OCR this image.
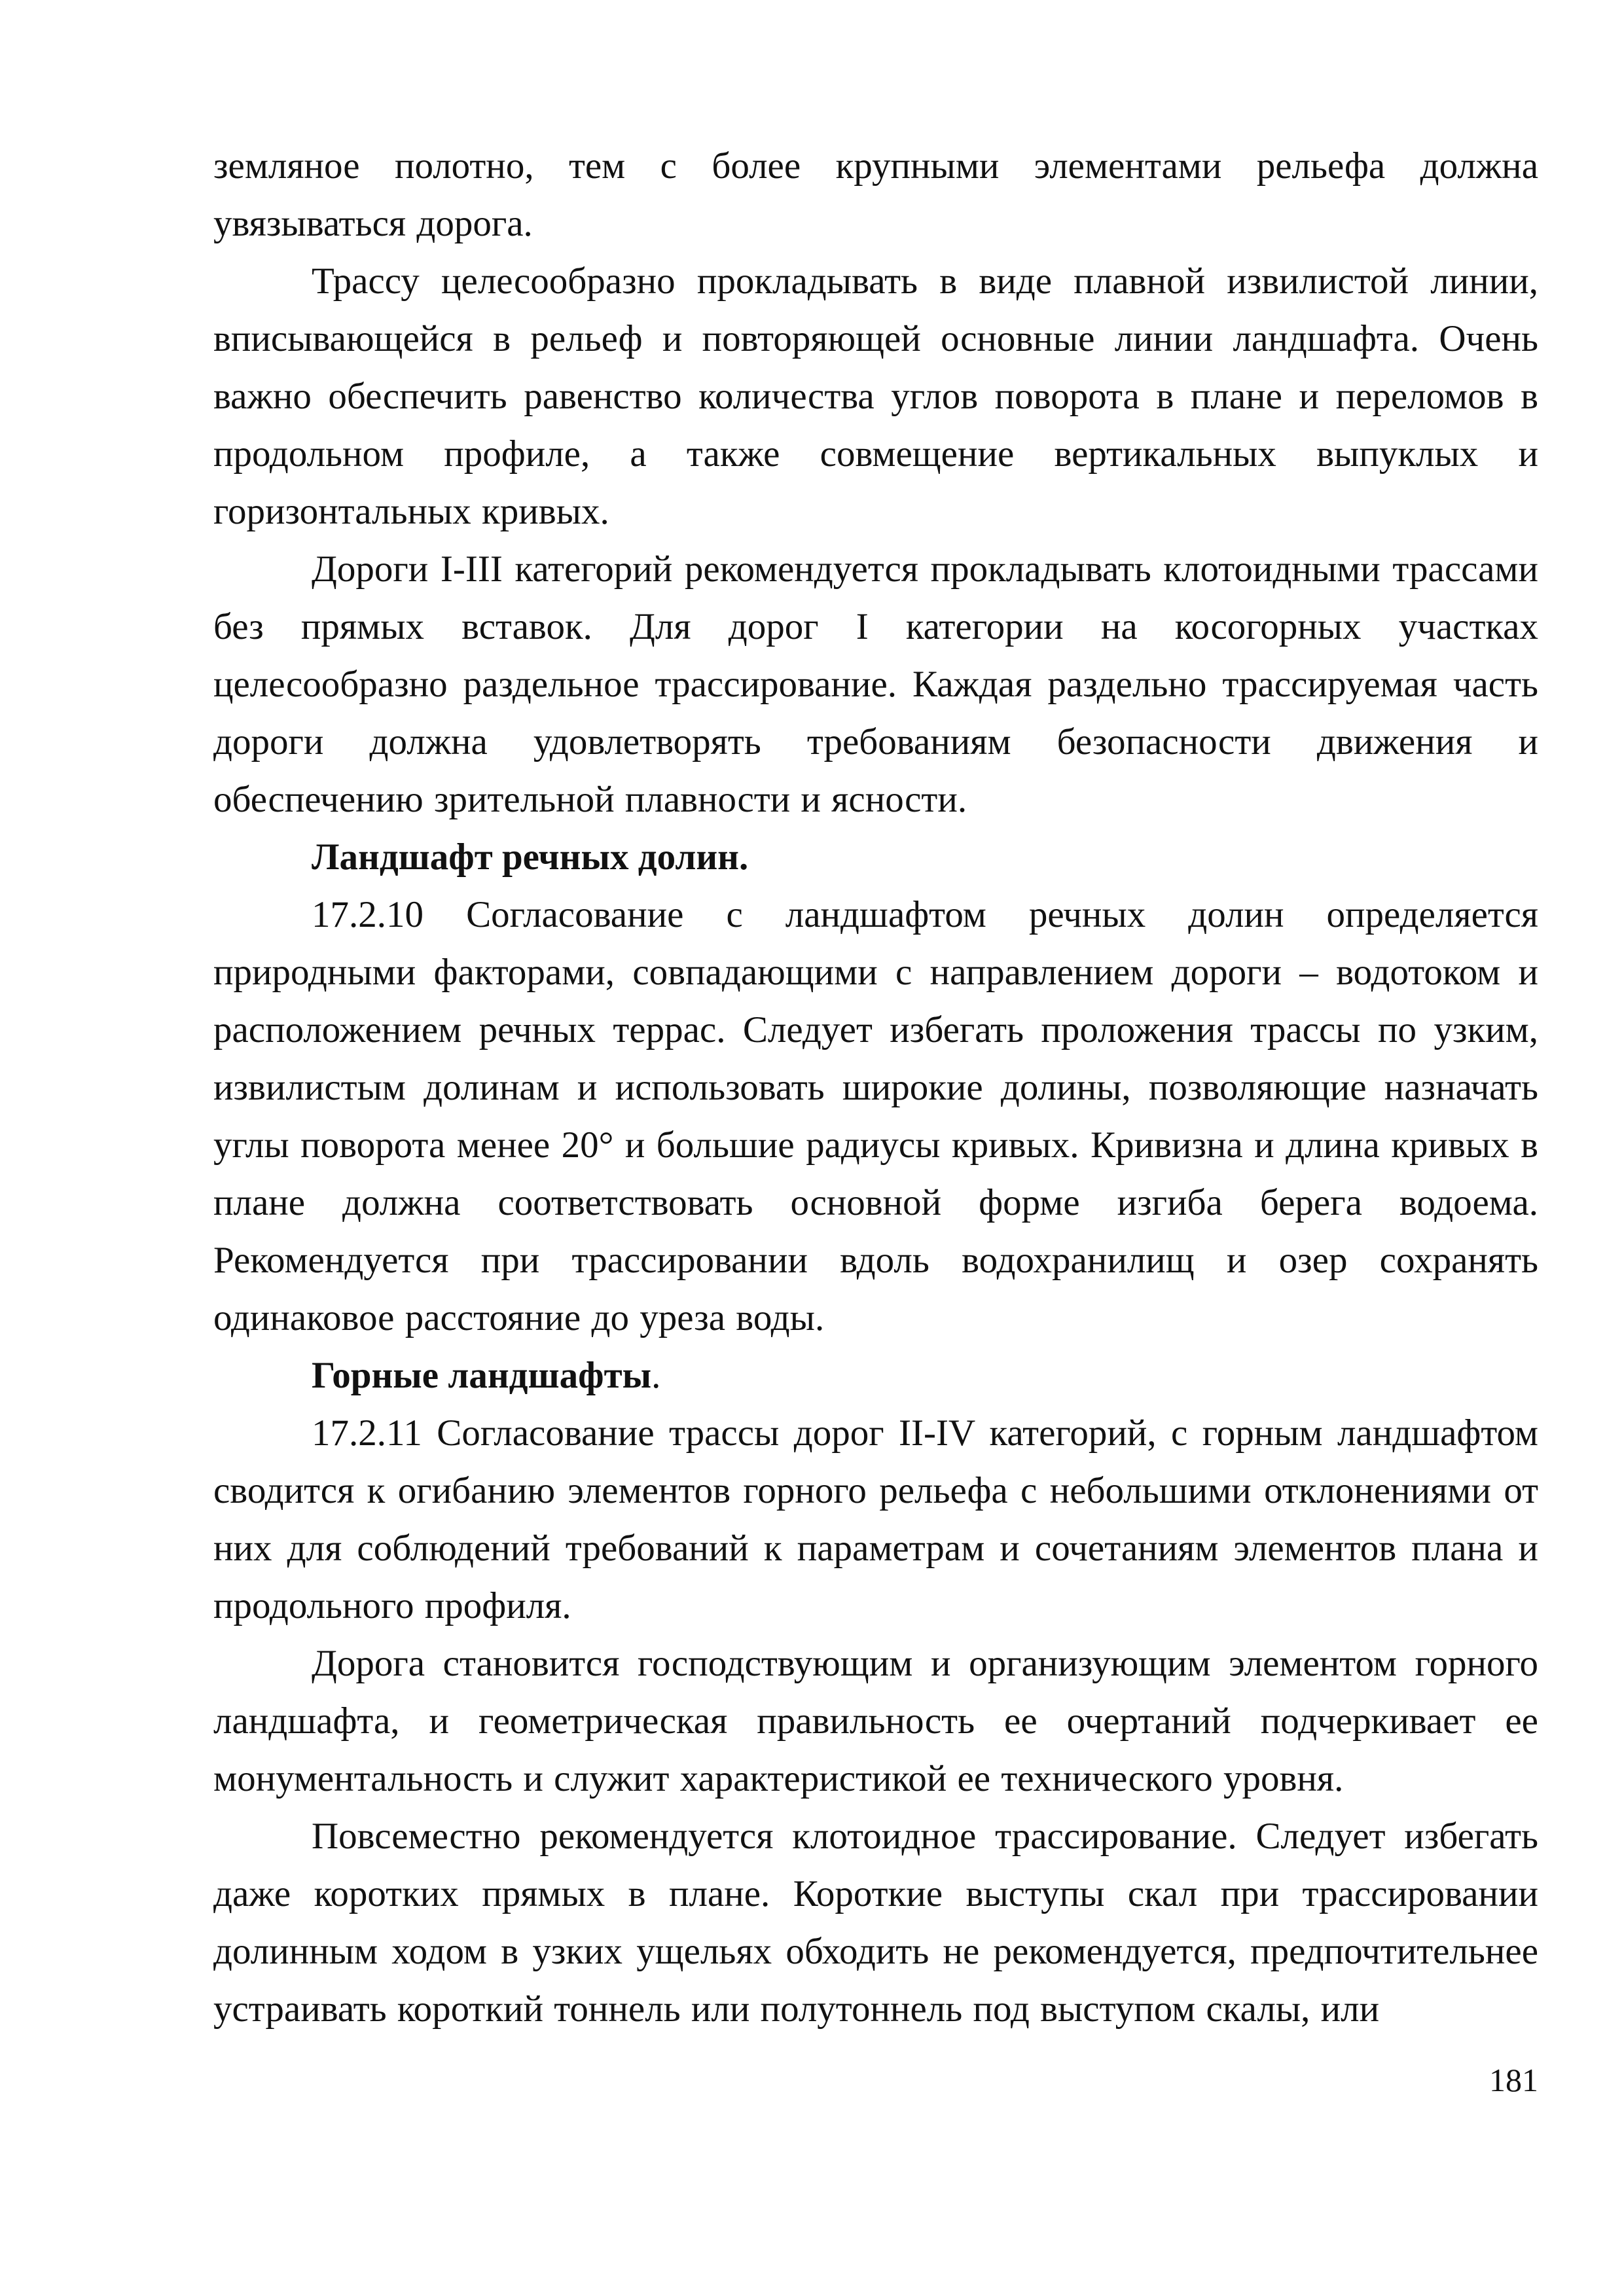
земляное полотно, тем с более крупными элементами рельефа должна увязываться дорога.

Трассу целесообразно прокладывать в виде плавной извилистой линии, вписывающейся в рельеф и повторяющей основные линии ландшафта. Очень важно обеспечить равенство количества углов поворота в плане и переломов в продольном профиле, а также совмещение вертикальных выпуклых и горизонтальных кривых.

Дороги I-III категорий рекомендуется прокладывать клотоидными трассами без прямых вставок. Для дорог I категории на косогорных участках целесообразно раздельное трассирование. Каждая раздельно трассируемая часть дороги должна удовлетворять требованиям безопасности движения и обеспечению зрительной плавности и ясности.

Ландшафт речных долин.

17.2.10 Согласование с ландшафтом речных долин определяется природными факторами, совпадающими с направлением дороги – водотоком и расположением речных террас. Следует избегать проложения трассы по узким, извилистым долинам и использовать широкие долины, позволяющие назначать углы поворота менее 20° и большие радиусы кривых. Кривизна и длина кривых в плане должна соответствовать основной форме изгиба берега водоема. Рекомендуется при трассировании вдоль водохранилищ и озер сохранять одинаковое расстояние до уреза воды.

Горные ландшафты.

17.2.11 Согласование трассы дорог II-IV категорий, с горным ландшафтом сводится к огибанию элементов горного рельефа с небольшими отклонениями от них для соблюдений требований к параметрам и сочетаниям элементов плана и продольного профиля.

Дорога становится господствующим и организующим элементом горного ландшафта, и геометрическая правильность ее очертаний подчеркивает ее монументальность и служит характеристикой ее технического уровня.

Повсеместно рекомендуется клотоидное трассирование. Следует избегать даже коротких прямых в плане. Короткие выступы скал при трассировании долинным ходом в узких ущельях обходить не рекомендуется, предпочтительнее устраивать короткий тоннель или полутоннель под выступом скалы, или

181
